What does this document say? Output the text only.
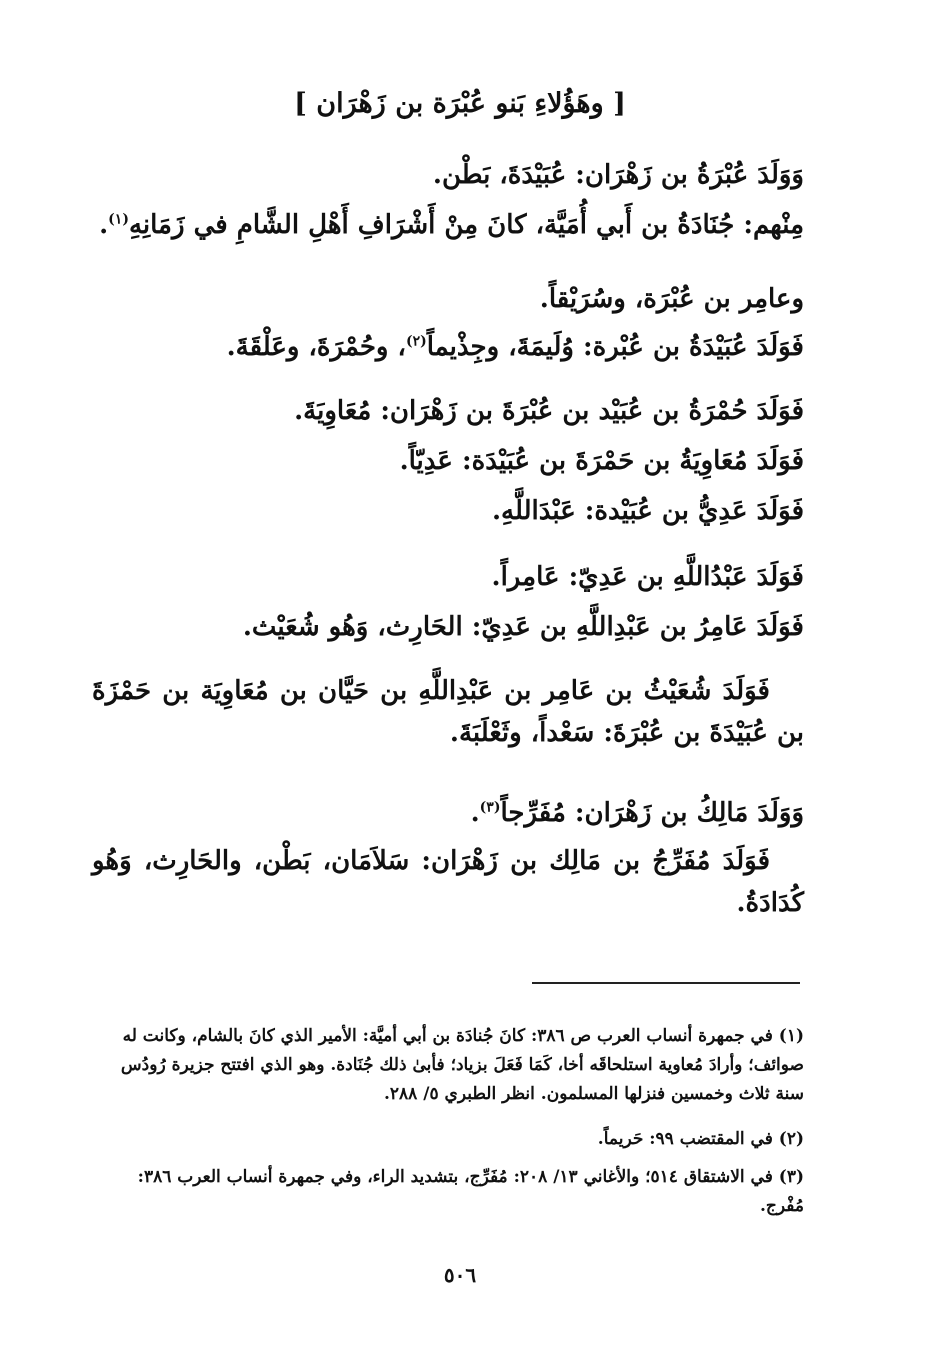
[ وهَؤُلاءِ بَنو عُبْرَة بن زَهْرَان ]
وَوَلَدَ عُبْرَةُ بن زَهْرَان: عُبَيْدَةَ، بَطْن.
مِنْهم: جُنَادَةُ بن أَبي أُمَيَّة، كانَ مِنْ أَشْرَافِ أَهْلِ الشَّامِ في زَمَانِهِ$^{(١)}$.
وعامِر بن عُبْرَة، وسُرَيْقاً.
فَوَلَدَ عُبَيْدَةُ بن عُبْرة: وُلَيمَةَ، وجِذْيماً$^{(٢)}$، وحُمْرَةَ، وعَلْقَةَ.
فَوَلَدَ حُمْرَةُ بن عُبَيْد بن عُبْرَةَ بن زَهْرَان: مُعَاوِيَةَ.
فَوَلَدَ مُعَاوِيَةُ بن حَمْرَةَ بن عُبَيْدَة: عَدِيّاً.
فَوَلَدَ عَدِيُّ بن عُبَيْدة: عَبْدَاللَّهِ.
فَوَلَدَ عَبْدُاللَّهِ بن عَدِيّ: عَامِراً.
فَوَلَدَ عَامِرُ بن عَبْدِاللَّهِ بن عَدِيّ: الحَارِث، وَهُو شُعَيْث.
فَوَلَدَ شُعَيْثُ بن عَامِر بن عَبْدِاللَّهِ بن حَيَّان بن مُعَاوِيَة بن حَمْزَةَ بن عُبَيْدَةَ بن عُبْرَةَ: سَعْداً، وثَعْلَبَةَ.
وَوَلَدَ مَالِكُ بن زَهْرَان: مُفَرِّجاً$^{(٣)}$.
فَوَلَدَ مُفَرِّجُ بن مَالِك بن زَهْرَان: سَلاَمَان، بَطْن، والحَارِث، وَهُو كُدَادَةُ.
(١) في جمهرة أنساب العرب ص ٣٨٦: كانَ جُنادَة بن أبي أميَّة: الأمير الذي كانَ بالشام، وكانت له صوائف؛ وأرادَ مُعاوية استلحاقَه أخا، كَمَا فَعَلَ بزياد؛ فأبىٰ ذلك جُنَادة. وهو الذي افتتح جزيرة رُودُس سنة ثلاث وخمسين فنزلها المسلمون. انظر الطبري ٥/ ٢٨٨.
(٢) في المقتضب ٩٩: حَريماً.
(٣) في الاشتقاق ٥١٤؛ والأغاني ١٣/ ٢٠٨: مُفَرِّج، بتشديد الراء، وفي جمهرة أنساب العرب ٣٨٦: مُفْرج.
٥٠٦
